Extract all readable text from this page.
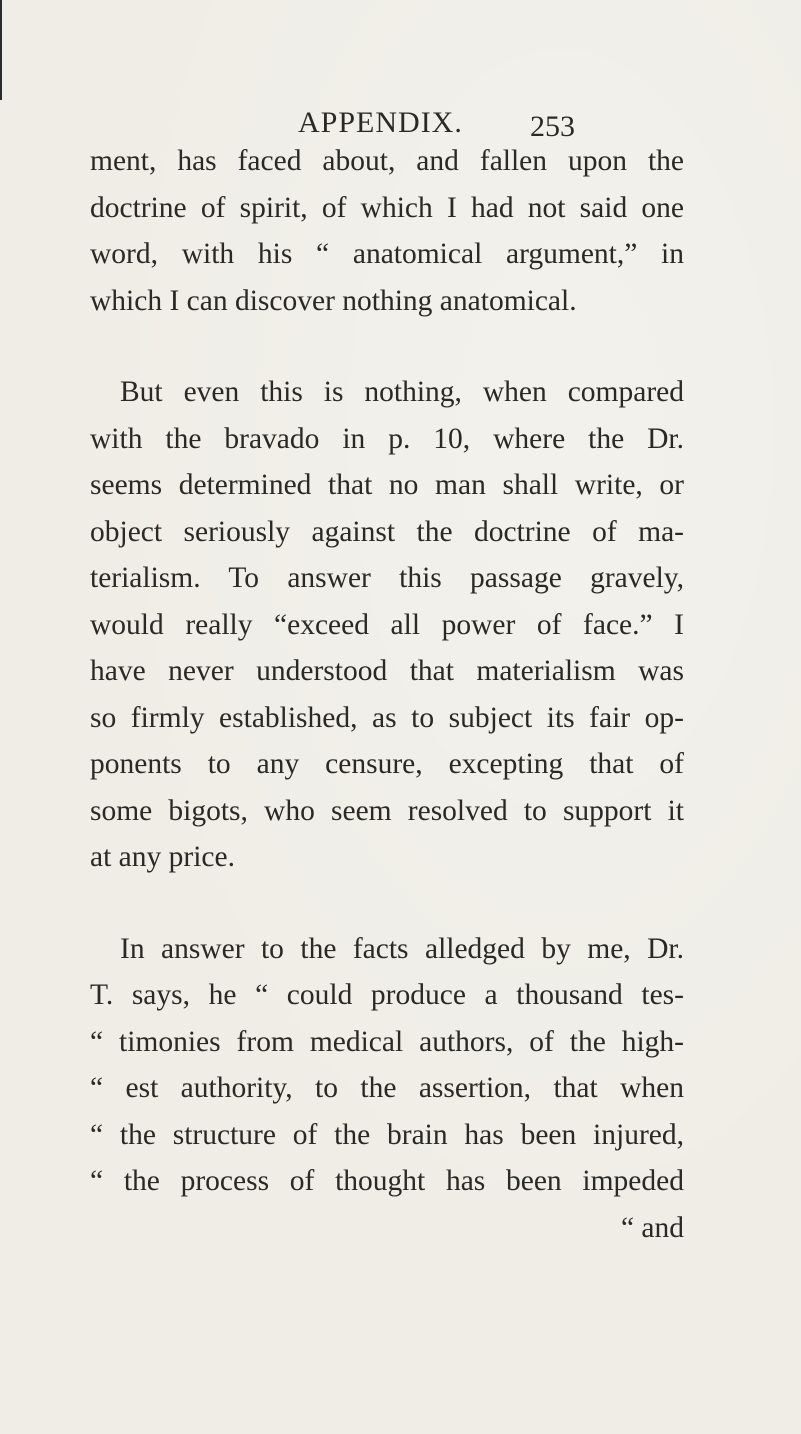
APPENDIX. 253
ment, has faced about, and fallen upon the
doctrine of spirit, of which I had not said one
word, with his “ anatomical argument,” in
which I can discover nothing anatomical.
But even this is nothing, when compared
with the bravado in p. 10, where the Dr.
seems determined that no man shall write, or
object seriously against the doctrine of ma-
terialism. To answer this passage gravely,
would really “exceed all power of face.” I
have never understood that materialism was
so firmly established, as to subject its fair op-
ponents to any censure, excepting that of
some bigots, who seem resolved to support it
at any price.
In answer to the facts alledged by me, Dr.
T. says, he “ could produce a thousand tes-
“ timonies from medical authors, of the high-
“ est authority, to the assertion, that when
“ the structure of the brain has been injured,
“ the process of thought has been impeded
“ and
